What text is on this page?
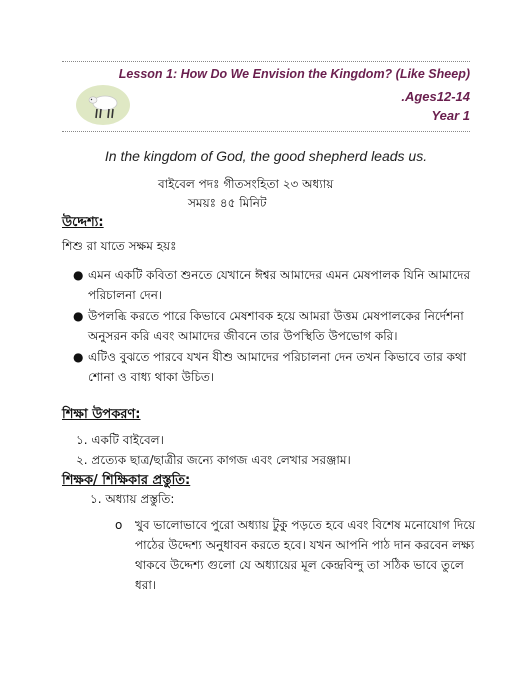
Lesson 1: How Do We Envision the Kingdom? (Like Sheep)
.Ages12-14
Year 1
In the kingdom of God, the good shepherd leads us.
বাইবেল পদঃ গীতসংহিতা ২৩ অধ্যায়
সময়ঃ ৪৫ মিনিট
উদ্দেশ্য:
শিশু রা যাতে সক্ষম হয়ঃ
● এমন একটি কবিতা শুনতে যেখানে ঈশ্বর আমাদের এমন মেষপালক যিনি আমাদের পরিচালনা দেন।
● উপলব্ধি করতে পারে কিভাবে মেষশাবক হয়ে আমরা উত্তম মেষপালকের নির্দেশনা অনুসরন করি এবং আমাদের জীবনে তার উপস্থিতি উপভোগ করি।
● এটিও বুঝতে পারবে যখন যীশু আমাদের পরিচালনা দেন তখন কিভাবে তার কথা শোনা ও বাধ্য থাকা উচিত।
শিক্ষা উপকরণ:
১. একটি বাইবেল।
২. প্রত্যেক ছাত্র/ছাত্রীর জন্যে কাগজ এবং লেখার সরঞ্জাম।
শিক্ষক/ শিক্ষিকার প্রস্তুতি:
১. অধ্যায় প্রস্তুতি:
o	খুব ভালোভাবে পুরো অধ্যায় টুকু পড়তে হবে এবং বিশেষ মনোযোগ দিয়ে পাঠের উদ্দেশ্য অনুধাবন করতে হবে। যখন আপনি পাঠ দান করবেন লক্ষ্য থাকবে উদ্দেশ্য গুলো যে অধ্যায়ের মূল কেন্দ্রবিন্দু তা সঠিক ভাবে তুলে ধরা।
